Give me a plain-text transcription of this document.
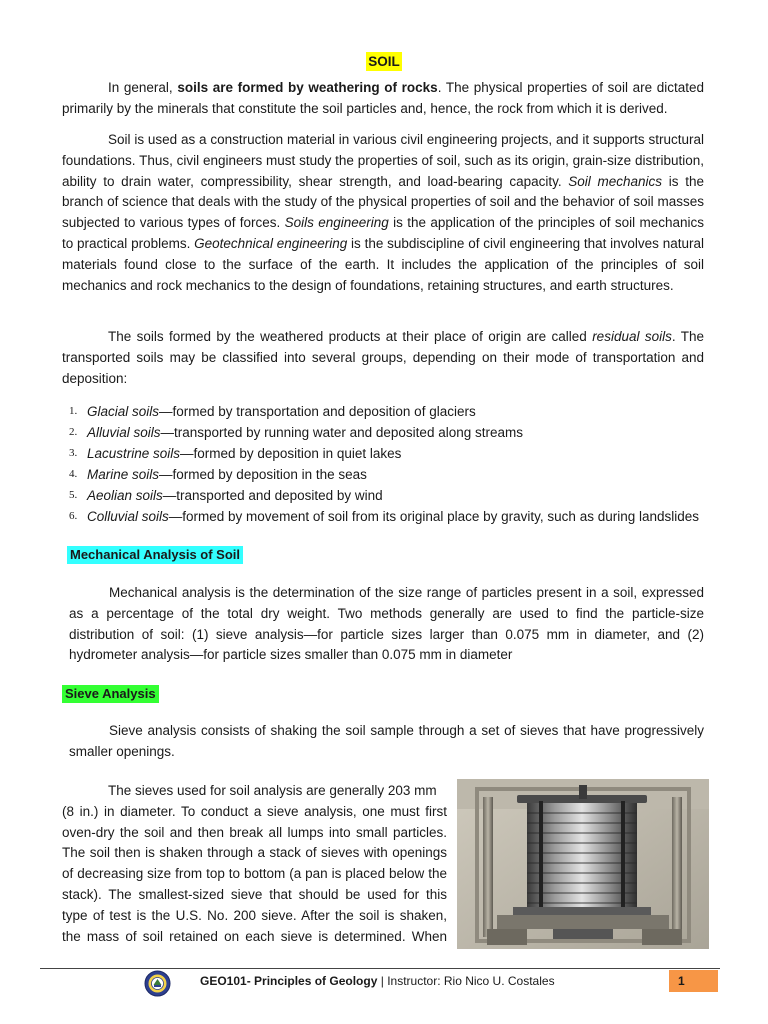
SOIL

In general, soils are formed by weathering of rocks. The physical properties of soil are dictated primarily by the minerals that constitute the soil particles and, hence, the rock from which it is derived.

Soil is used as a construction material in various civil engineering projects, and it supports structural foundations. Thus, civil engineers must study the properties of soil, such as its origin, grain-size distribution, ability to drain water, compressibility, shear strength, and load-bearing capacity. Soil mechanics is the branch of science that deals with the study of the physical properties of soil and the behavior of soil masses subjected to various types of forces. Soils engineering is the application of the principles of soil mechanics to practical problems. Geotechnical engineering is the subdiscipline of civil engineering that involves natural materials found close to the surface of the earth. It includes the application of the principles of soil mechanics and rock mechanics to the design of foundations, retaining structures, and earth structures.

The soils formed by the weathered products at their place of origin are called residual soils. The transported soils may be classified into several groups, depending on their mode of transportation and deposition:

1. Glacial soils—formed by transportation and deposition of glaciers
2. Alluvial soils—transported by running water and deposited along streams
3. Lacustrine soils—formed by deposition in quiet lakes
4. Marine soils—formed by deposition in the seas
5. Aeolian soils—transported and deposited by wind
6. Colluvial soils—formed by movement of soil from its original place by gravity, such as during landslides
Mechanical Analysis of Soil

Mechanical analysis is the determination of the size range of particles present in a soil, expressed as a percentage of the total dry weight. Two methods generally are used to find the particle-size distribution of soil: (1) sieve analysis—for particle sizes larger than 0.075 mm in diameter, and (2) hydrometer analysis—for particle sizes smaller than 0.075 mm in diameter

Sieve Analysis

Sieve analysis consists of shaking the soil sample through a set of sieves that have progressively smaller openings.

The sieves used for soil analysis are generally 203 mm
(8 in.) in diameter. To conduct a sieve analysis, one must first
oven-dry the soil and then break all lumps into small particles.
The soil then is shaken through a stack of sieves with openings
of decreasing size from top to bottom (a pan is placed below the
stack). The smallest-sized sieve that should be used for this
type of test is the U.S. No. 200 sieve. After the soil is shaken,
the mass of soil retained on each sieve is determined. When
GEO101- Principles of Geology | Instructor: Rio Nico U. Costales	1
